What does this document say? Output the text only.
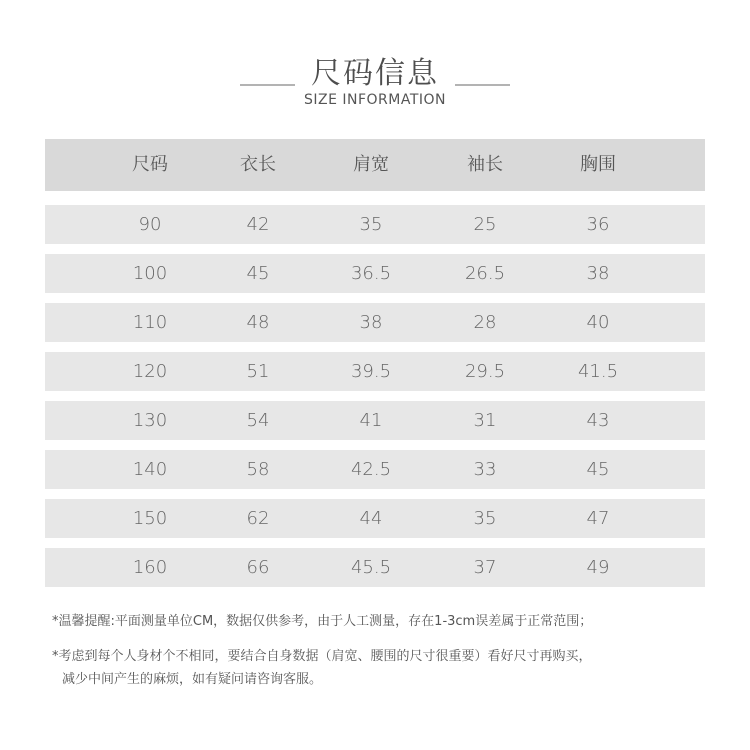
尺码信息
SIZE INFORMATION
尺码	衣长	肩宽	袖长	胸围
90	42	35	25	36
100	45	36.5	26.5	38
110	48	38	28	40
120	51	39.5	29.5	41.5
130	54	41	31	43
140	58	42.5	33	45
150	62	44	35	47
160	66	45.5	37	49
*温馨提醒:平面测量单位CM，数据仅供参考，由于人工测量，存在1-3cm误差属于正常范围；
*考虑到每个人身材个不相同，要结合自身数据（肩宽、腰围的尺寸很重要）看好尺寸再购买，
减少中间产生的麻烦，如有疑问请咨询客服。
